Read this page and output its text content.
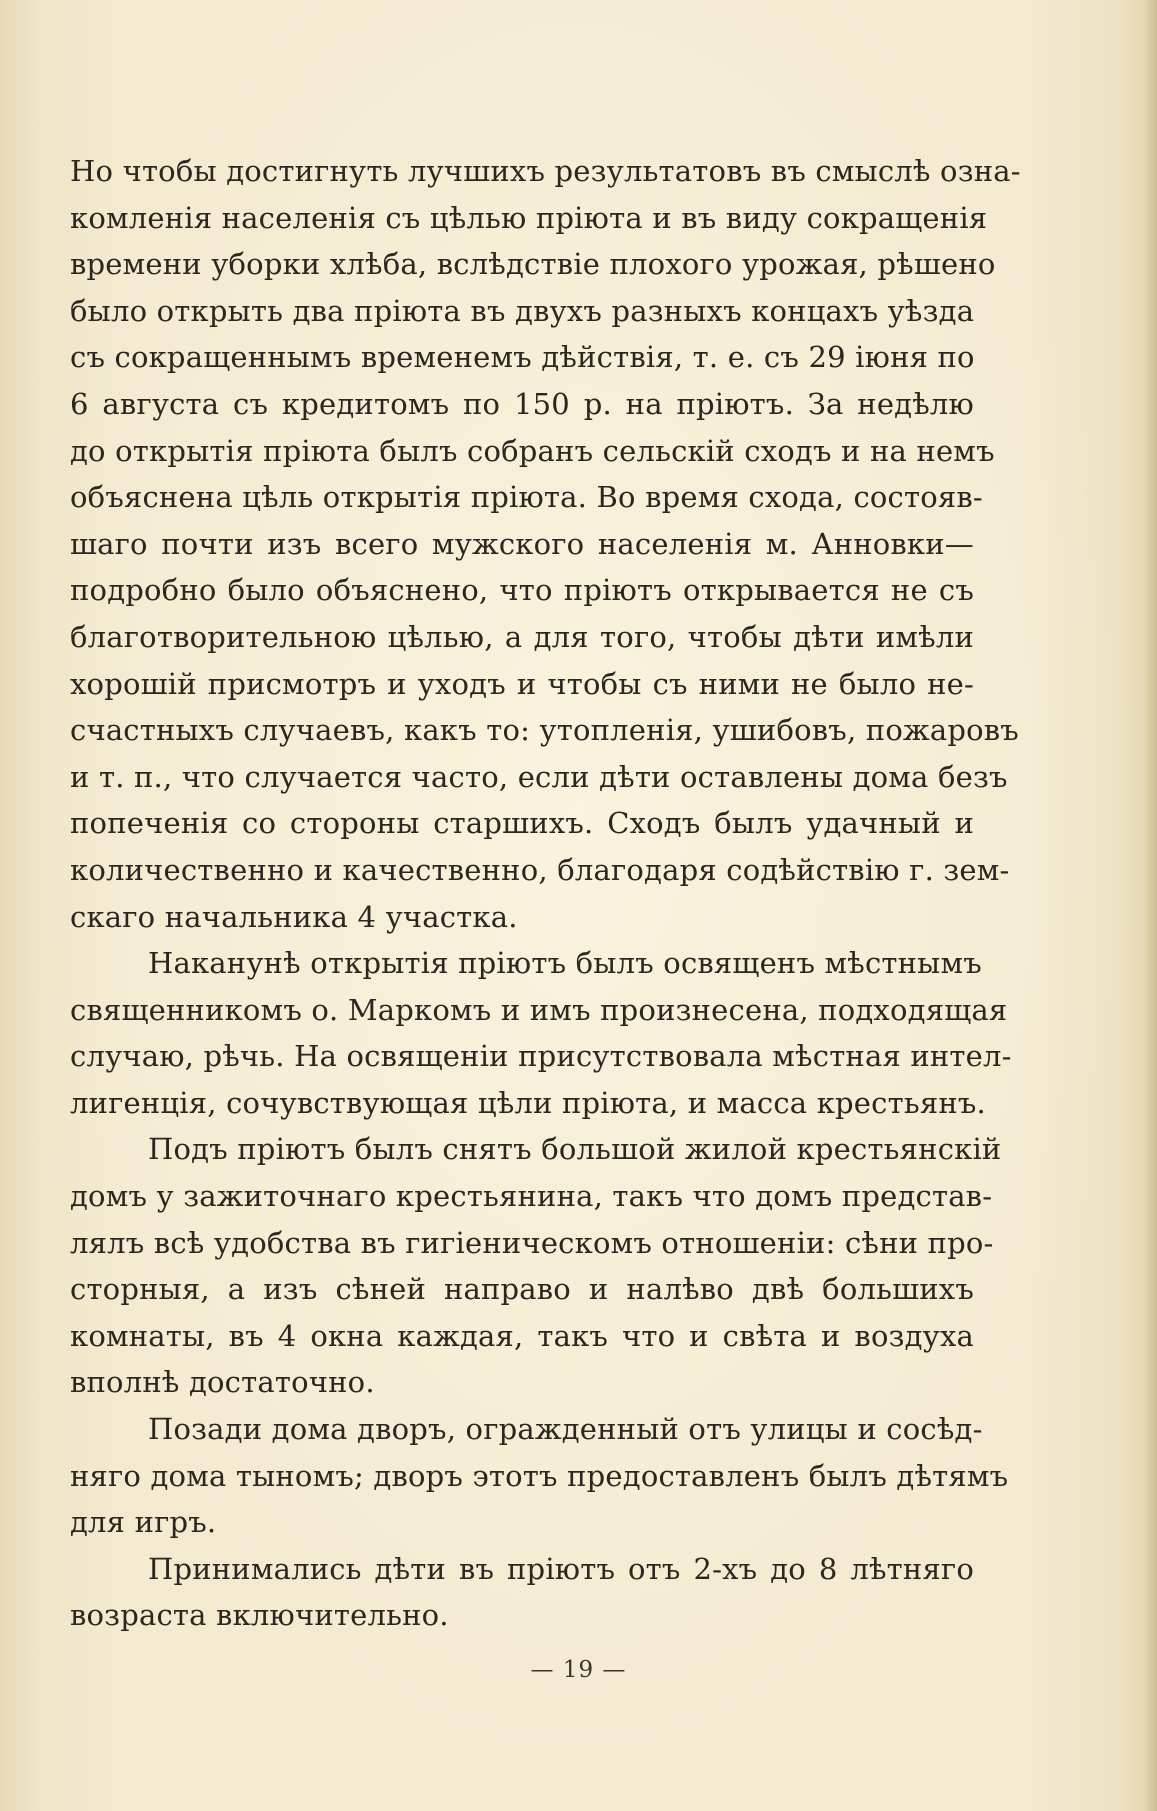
Но чтобы достигнуть лучшихъ результатовъ въ смыслѣ озна-
комленія населенія съ цѣлью пріюта и въ виду сокращенія
времени уборки хлѣба, вслѣдствіе плохого урожая, рѣшено
было открыть два пріюта въ двухъ разныхъ концахъ уѣзда
съ сокращеннымъ временемъ дѣйствія, т. е. съ 29 іюня по
6 августа съ кредитомъ по 150 р. на пріютъ. За недѣлю
до открытія пріюта былъ собранъ сельскій сходъ и на немъ
объяснена цѣль открытія пріюта. Во время схода, состояв-
шаго почти изъ всего мужского населенія м. Анновки—
подробно было объяснено, что пріютъ открывается не съ
благотворительною цѣлью, а для того, чтобы дѣти имѣли
хорошій присмотръ и уходъ и чтобы съ ними не было не-
счастныхъ случаевъ, какъ то: утопленія, ушибовъ, пожаровъ
и т. п., что случается часто, если дѣти оставлены дома безъ
попеченія со стороны старшихъ. Сходъ былъ удачный и
количественно и качественно, благодаря содѣйствію г. зем-
скаго начальника 4 участка.
Наканунѣ открытія пріютъ былъ освященъ мѣстнымъ
священникомъ о. Маркомъ и имъ произнесена, подходящая
случаю, рѣчь. На освященіи присутствовала мѣстная интел-
лигенція, сочувствующая цѣли пріюта, и масса крестьянъ.
Подъ пріютъ былъ снятъ большой жилой крестьянскій
домъ у зажиточнаго крестьянина, такъ что домъ представ-
лялъ всѣ удобства въ гигіеническомъ отношеніи: сѣни про-
сторныя, а изъ сѣней направо и налѣво двѣ большихъ
комнаты, въ 4 окна каждая, такъ что и свѣта и воздуха
вполнѣ достаточно.
Позади дома дворъ, огражденный отъ улицы и сосѣд-
няго дома тыномъ; дворъ этотъ предоставленъ былъ дѣтямъ
для игръ.
Принимались дѣти въ пріютъ отъ 2-хъ до 8 лѣтняго
возраста включительно.
— 19 —
